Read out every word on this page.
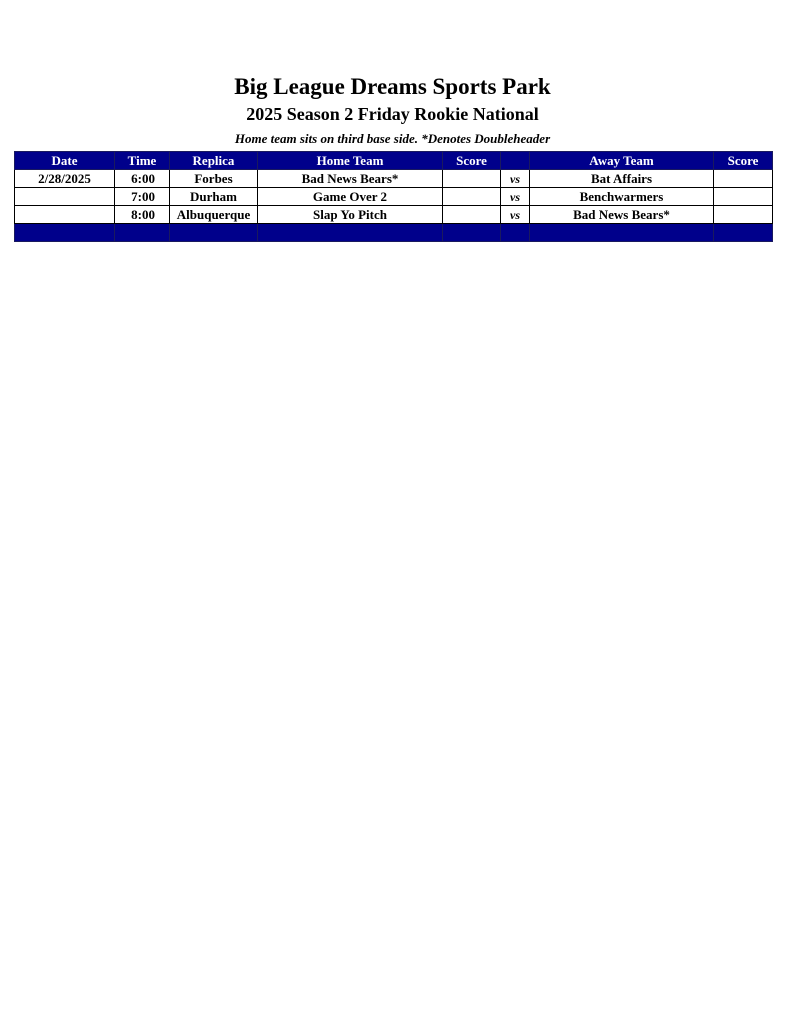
Big League Dreams Sports Park
2025 Season 2 Friday Rookie National
Home team sits on third base side. *Denotes Doubleheader
Date	Time	Replica	Home Team	Score		Away Team	Score
2/28/2025	6:00	Forbes	Bad News Bears*		vs	Bat Affairs	
	7:00	Durham	Game Over 2		vs	Benchwarmers	
	8:00	Albuquerque	Slap Yo Pitch		vs	Bad News Bears*	
